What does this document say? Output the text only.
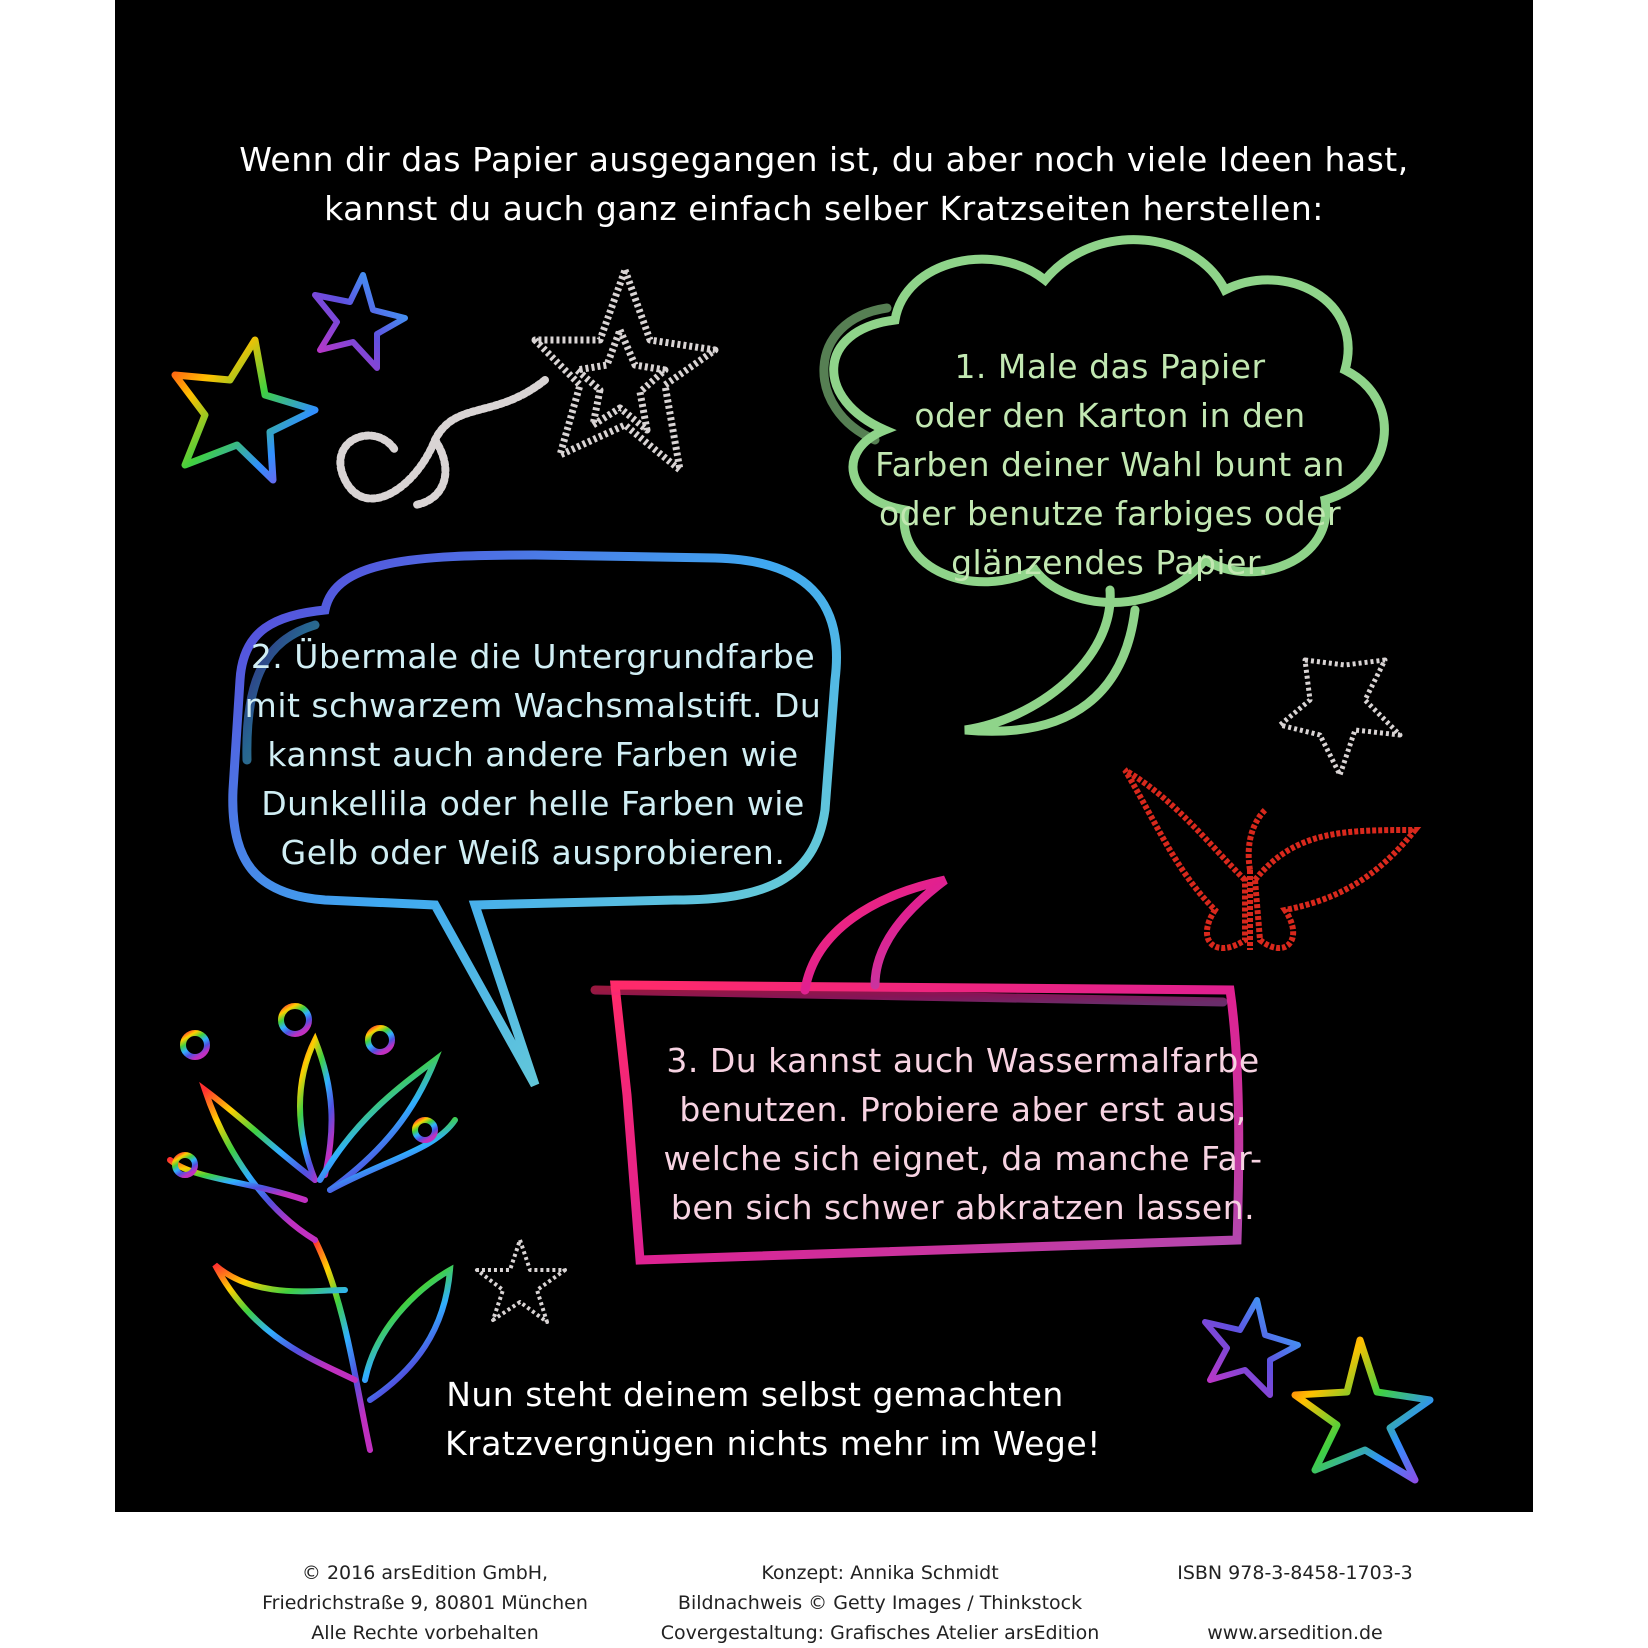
Wenn dir das Papier ausgegangen ist, du aber noch viele Ideen hast,
kannst du auch ganz einfach selber Kratzseiten herstellen:
1. Male das Papier
oder den Karton in den
Farben deiner Wahl bunt an
oder benutze farbiges oder
glänzendes Papier.
2. Übermale die Untergrundfarbe
mit schwarzem Wachsmalstift. Du
kannst auch andere Farben wie
Dunkellila oder helle Farben wie
Gelb oder Weiß ausprobieren.
3. Du kannst auch Wassermalfarbe
benutzen. Probiere aber erst aus,
welche sich eignet, da manche Far-
ben sich schwer abkratzen lassen.
Nun steht deinem selbst gemachten
Kratzvergnügen nichts mehr im Wege!
© 2016 arsEdition GmbH,
Friedrichstraße 9, 80801 München
Alle Rechte vorbehalten
Konzept: Annika Schmidt
Bildnachweis © Getty Images / Thinkstock
Covergestaltung: Grafisches Atelier arsEdition
ISBN 978-3-8458-1703-3

www.arsedition.de
